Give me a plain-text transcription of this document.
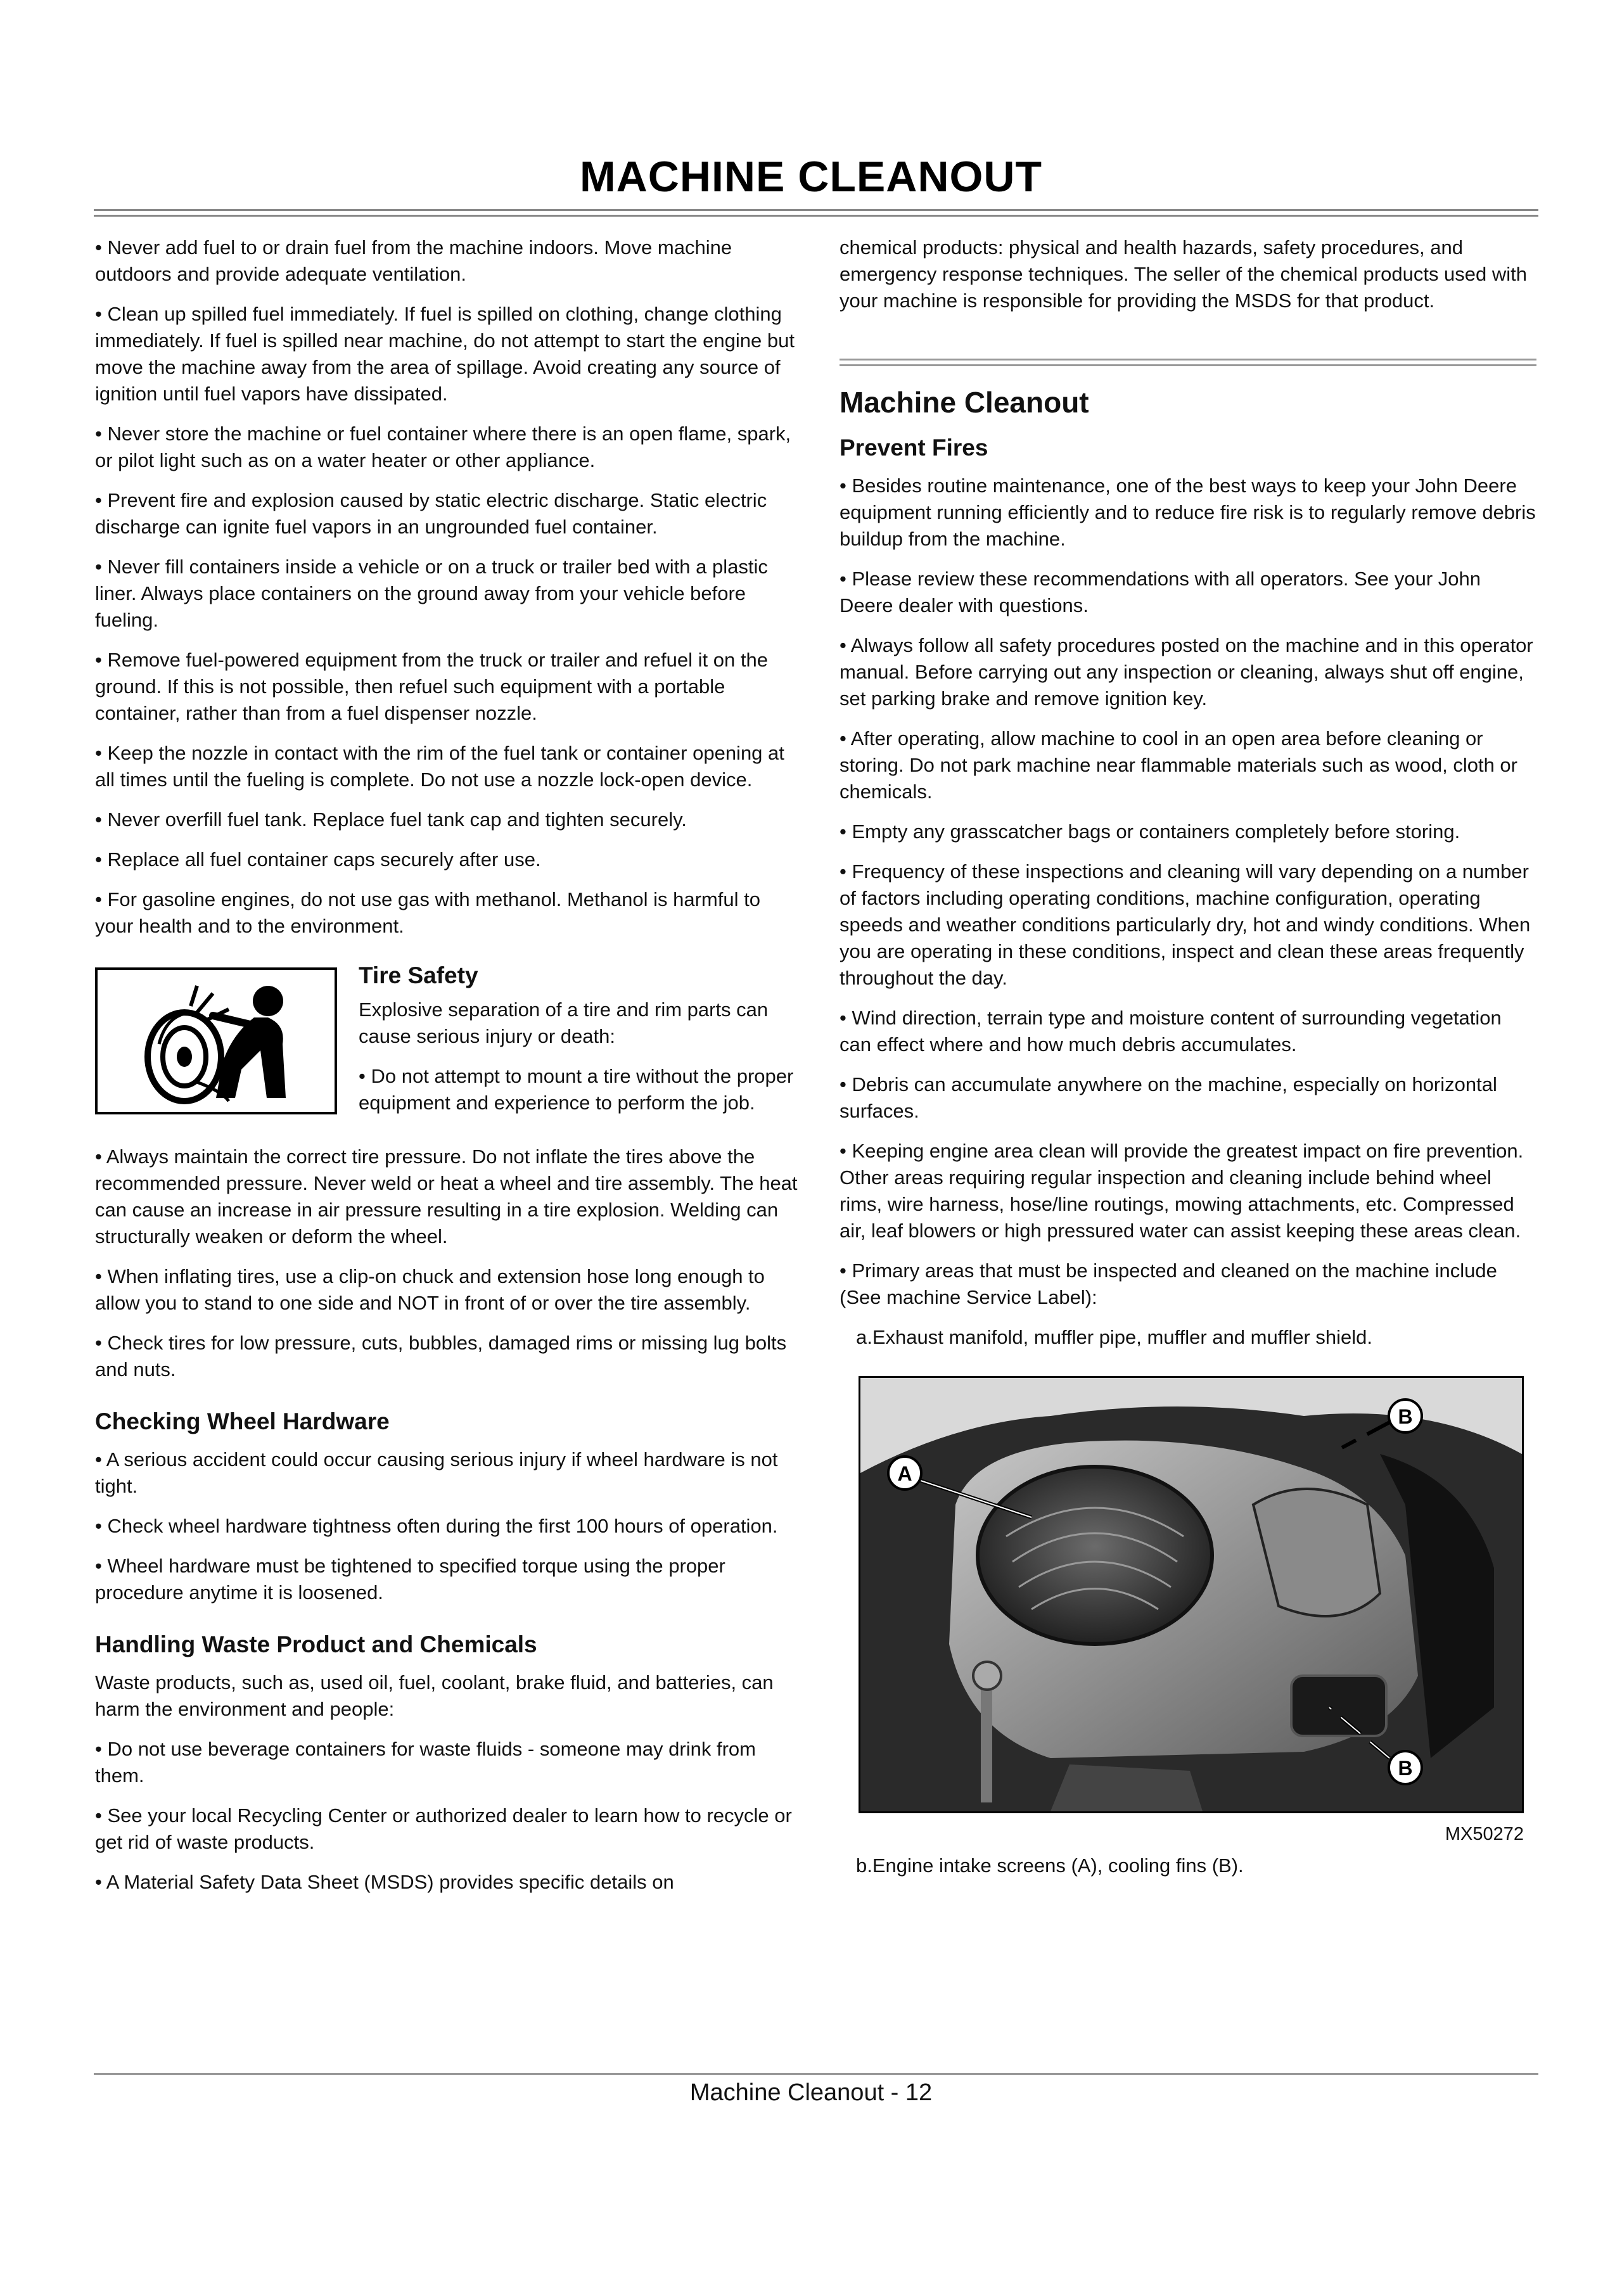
MACHINE CLEANOUT

• Never add fuel to or drain fuel from the machine indoors. Move machine outdoors and provide adequate ventilation.

• Clean up spilled fuel immediately. If fuel is spilled on clothing, change clothing immediately. If fuel is spilled near machine, do not attempt to start the engine but move the machine away from the area of spillage. Avoid creating any source of ignition until fuel vapors have dissipated.

• Never store the machine or fuel container where there is an open flame, spark, or pilot light such as on a water heater or other appliance.

• Prevent fire and explosion caused by static electric discharge. Static electric discharge can ignite fuel vapors in an ungrounded fuel container.

• Never fill containers inside a vehicle or on a truck or trailer bed with a plastic liner. Always place containers on the ground away from your vehicle before fueling.

• Remove fuel-powered equipment from the truck or trailer and refuel it on the ground. If this is not possible, then refuel such equipment with a portable container, rather than from a fuel dispenser nozzle.

• Keep the nozzle in contact with the rim of the fuel tank or container opening at all times until the fueling is complete. Do not use a nozzle lock-open device.

• Never overfill fuel tank. Replace fuel tank cap and tighten securely.

• Replace all fuel container caps securely after use.

• For gasoline engines, do not use gas with methanol. Methanol is harmful to your health and to the environment.

Tire Safety

Explosive separation of a tire and rim parts can cause serious injury or death:

• Do not attempt to mount a tire without the proper equipment and experience to perform the job.

• Always maintain the correct tire pressure. Do not inflate the tires above the recommended pressure. Never weld or heat a wheel and tire assembly. The heat can cause an increase in air pressure resulting in a tire explosion. Welding can structurally weaken or deform the wheel.

• When inflating tires, use a clip-on chuck and extension hose long enough to allow you to stand to one side and NOT in front of or over the tire assembly.

• Check tires for low pressure, cuts, bubbles, damaged rims or missing lug bolts and nuts.

Checking Wheel Hardware

• A serious accident could occur causing serious injury if wheel hardware is not tight.

• Check wheel hardware tightness often during the first 100 hours of operation.

• Wheel hardware must be tightened to specified torque using the proper procedure anytime it is loosened.

Handling Waste Product and Chemicals

Waste products, such as, used oil, fuel, coolant, brake fluid, and batteries, can harm the environment and people:

• Do not use beverage containers for waste fluids - someone may drink from them.

• See your local Recycling Center or authorized dealer to learn how to recycle or get rid of waste products.

• A Material Safety Data Sheet (MSDS) provides specific details on

chemical products: physical and health hazards, safety procedures, and emergency response techniques. The seller of the chemical products used with your machine is responsible for providing the MSDS for that product.

Machine Cleanout
Prevent Fires

• Besides routine maintenance, one of the best ways to keep your John Deere equipment running efficiently and to reduce fire risk is to regularly remove debris buildup from the machine.

• Please review these recommendations with all operators. See your John Deere dealer with questions.

• Always follow all safety procedures posted on the machine and in this operator manual. Before carrying out any inspection or cleaning, always shut off engine, set parking brake and remove ignition key.

• After operating, allow machine to cool in an open area before cleaning or storing. Do not park machine near flammable materials such as wood, cloth or chemicals.

• Empty any grasscatcher bags or containers completely before storing.

• Frequency of these inspections and cleaning will vary depending on a number of factors including operating conditions, machine configuration, operating speeds and weather conditions particularly dry, hot and windy conditions. When you are operating in these conditions, inspect and clean these areas frequently throughout the day.

• Wind direction, terrain type and moisture content of surrounding vegetation can effect where and how much debris accumulates.

• Debris can accumulate anywhere on the machine, especially on horizontal surfaces.

• Keeping engine area clean will provide the greatest impact on fire prevention. Other areas requiring regular inspection and cleaning include behind wheel rims, wire harness, hose/line routings, mowing attachments, etc. Compressed air, leaf blowers or high pressured water can assist keeping these areas clean.

• Primary areas that must be inspected and cleaned on the machine include (See machine Service Label):

a.Exhaust manifold, muffler pipe, muffler and muffler shield.

A
B
B
MX50272

b.Engine intake screens (A), cooling fins (B).

Machine Cleanout - 12
